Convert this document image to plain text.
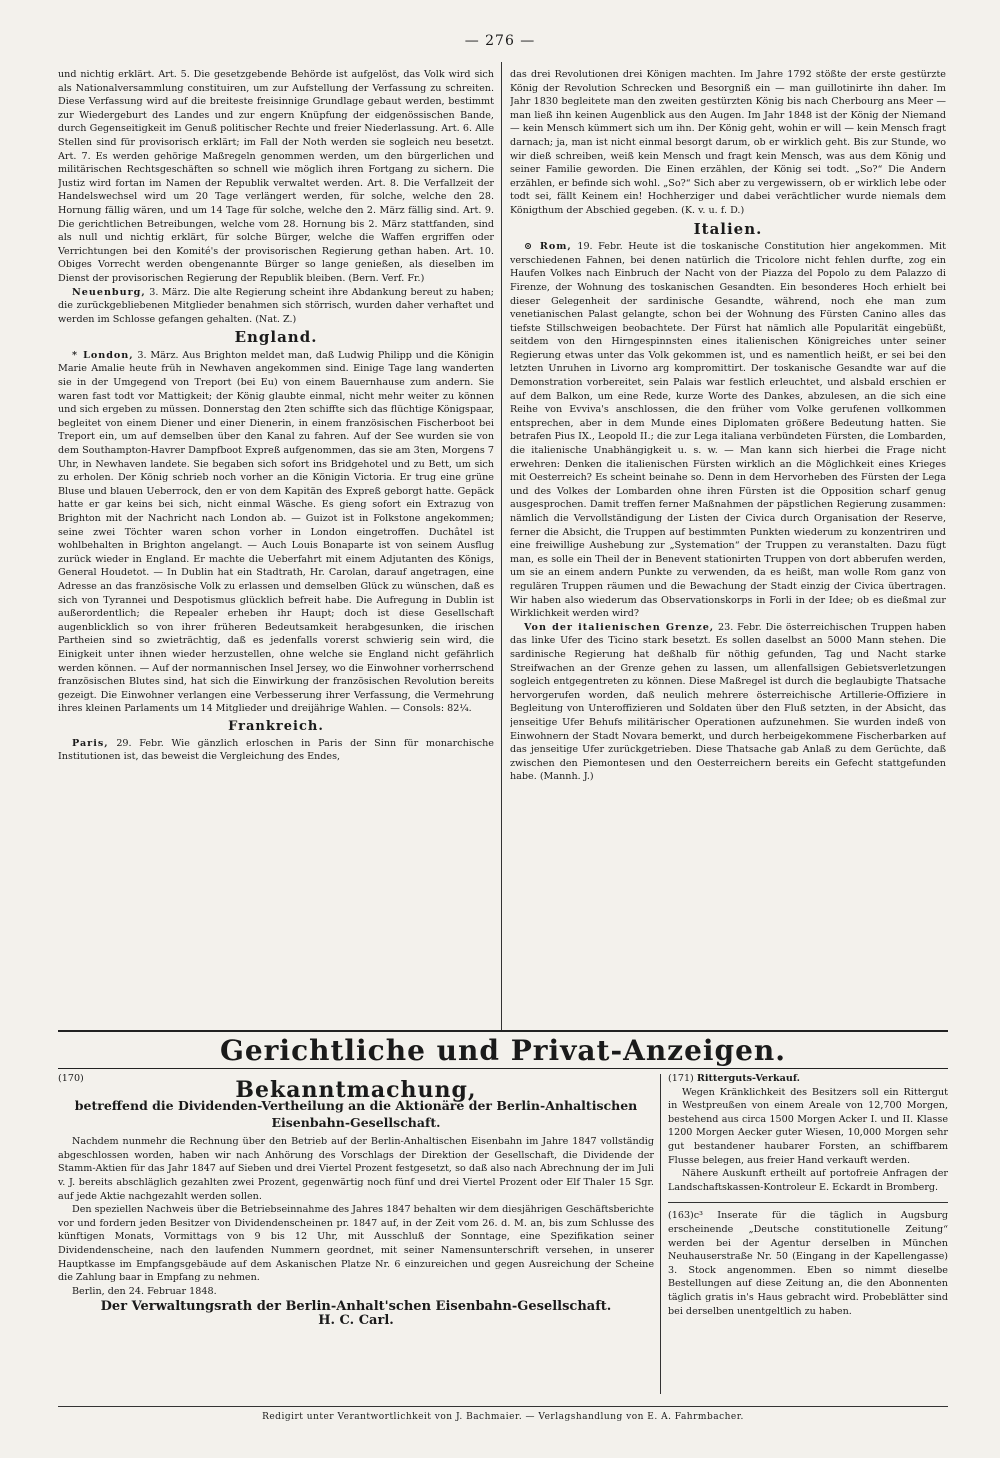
— 276 —

und nichtig erklärt. Art. 5. Die gesetzgebende Behörde ist aufgelöst, das Volk wird sich als Nationalversammlung constituiren, um zur Aufstellung der Verfassung zu schreiten. Diese Verfassung wird auf die breiteste freisinnige Grundlage gebaut werden, bestimmt zur Wiedergeburt des Landes und zur engern Knüpfung der eidgenössischen Bande, durch Gegenseitigkeit im Genuß politischer Rechte und freier Niederlassung. Art. 6. Alle Stellen sind für provisorisch erklärt; im Fall der Noth werden sie sogleich neu besetzt. Art. 7. Es werden gehörige Maßregeln genommen werden, um den bürgerlichen und militärischen Rechtsgeschäften so schnell wie möglich ihren Fortgang zu sichern. Die Justiz wird fortan im Namen der Republik verwaltet werden. Art. 8. Die Verfallzeit der Handelswechsel wird um 20 Tage verlängert werden, für solche, welche den 28. Hornung fällig wären, und um 14 Tage für solche, welche den 2. März fällig sind. Art. 9. Die gerichtlichen Betreibungen, welche vom 28. Hornung bis 2. März stattfanden, sind als null und nichtig erklärt, für solche Bürger, welche die Waffen ergriffen oder Verrichtungen bei den Komité's der provisorischen Regierung gethan haben. Art. 10. Obiges Vorrecht werden obengenannte Bürger so lange genießen, als dieselben im Dienst der provisorischen Regierung der Republik bleiben. (Bern. Verf. Fr.)

Neuenburg, 3. März. Die alte Regierung scheint ihre Abdankung bereut zu haben; die zurückgebliebenen Mitglieder benahmen sich störrisch, wurden daher verhaftet und werden im Schlosse gefangen gehalten. (Nat. Z.)

England.

* London, 3. März. Aus Brighton meldet man, daß Ludwig Philipp und die Königin Marie Amalie heute früh in Newhaven angekommen sind. Einige Tage lang wanderten sie in der Umgegend von Treport (bei Eu) von einem Bauernhause zum andern. Sie waren fast todt vor Mattigkeit; der König glaubte einmal, nicht mehr weiter zu können und sich ergeben zu müssen. Donnerstag den 2ten schiffte sich das flüchtige Königspaar, begleitet von einem Diener und einer Dienerin, in einem französischen Fischerboot bei Treport ein, um auf demselben über den Kanal zu fahren. Auf der See wurden sie von dem Southampton-Havrer Dampfboot Expreß aufgenommen, das sie am 3ten, Morgens 7 Uhr, in Newhaven landete. Sie begaben sich sofort ins Bridgehotel und zu Bett, um sich zu erholen. Der König schrieb noch vorher an die Königin Victoria. Er trug eine grüne Bluse und blauen Ueberrock, den er von dem Kapitän des Expreß geborgt hatte. Gepäck hatte er gar keins bei sich, nicht einmal Wäsche. Es gieng sofort ein Extrazug von Brighton mit der Nachricht nach London ab. — Guizot ist in Folkstone angekommen; seine zwei Töchter waren schon vorher in London eingetroffen. Duchâtel ist wohlbehalten in Brighton angelangt. — Auch Louis Bonaparte ist von seinem Ausflug zurück wieder in England. Er machte die Ueberfahrt mit einem Adjutanten des Königs, General Houdetot. — In Dublin hat ein Stadtrath, Hr. Carolan, darauf angetragen, eine Adresse an das französische Volk zu erlassen und demselben Glück zu wünschen, daß es sich von Tyrannei und Despotismus glücklich befreit habe. Die Aufregung in Dublin ist außerordentlich; die Repealer erheben ihr Haupt; doch ist diese Gesellschaft augenblicklich so von ihrer früheren Bedeutsamkeit herabgesunken, die irischen Partheien sind so zwieträchtig, daß es jedenfalls vorerst schwierig sein wird, die Einigkeit unter ihnen wieder herzustellen, ohne welche sie England nicht gefährlich werden können. — Auf der normannischen Insel Jersey, wo die Einwohner vorherrschend französischen Blutes sind, hat sich die Einwirkung der französischen Revolution bereits gezeigt. Die Einwohner verlangen eine Verbesserung ihrer Verfassung, die Vermehrung ihres kleinen Parlaments um 14 Mitglieder und dreijährige Wahlen. — Consols: 82¼.

Frankreich.

Paris, 29. Febr. Wie gänzlich erloschen in Paris der Sinn für monarchische Institutionen ist, das beweist die Vergleichung des Endes,

das drei Revolutionen drei Königen machten. Im Jahre 1792 stößte der erste gestürzte König der Revolution Schrecken und Besorgniß ein — man guillotinirte ihn daher. Im Jahr 1830 begleitete man den zweiten gestürzten König bis nach Cherbourg ans Meer — man ließ ihn keinen Augenblick aus den Augen. Im Jahr 1848 ist der König der Niemand — kein Mensch kümmert sich um ihn. Der König geht, wohin er will — kein Mensch fragt darnach; ja, man ist nicht einmal besorgt darum, ob er wirklich geht. Bis zur Stunde, wo wir dieß schreiben, weiß kein Mensch und fragt kein Mensch, was aus dem König und seiner Familie geworden. Die Einen erzählen, der König sei todt. „So?“ Die Andern erzählen, er befinde sich wohl. „So?“ Sich aber zu vergewissern, ob er wirklich lebe oder todt sei, fällt Keinem ein! Hochherziger und dabei verächtlicher wurde niemals dem Königthum der Abschied gegeben. (K. v. u. f. D.)

Italien.

⊙ Rom, 19. Febr. Heute ist die toskanische Constitution hier angekommen. Mit verschiedenen Fahnen, bei denen natürlich die Tricolore nicht fehlen durfte, zog ein Haufen Volkes nach Einbruch der Nacht von der Piazza del Popolo zu dem Palazzo di Firenze, der Wohnung des toskanischen Gesandten. Ein besonderes Hoch erhielt bei dieser Gelegenheit der sardinische Gesandte, während, noch ehe man zum venetianischen Palast gelangte, schon bei der Wohnung des Fürsten Canino alles das tiefste Stillschweigen beobachtete. Der Fürst hat nämlich alle Popularität eingebüßt, seitdem von den Hirngespinnsten eines italienischen Königreiches unter seiner Regierung etwas unter das Volk gekommen ist, und es namentlich heißt, er sei bei den letzten Unruhen in Livorno arg kompromittirt. Der toskanische Gesandte war auf die Demonstration vorbereitet, sein Palais war festlich erleuchtet, und alsbald erschien er auf dem Balkon, um eine Rede, kurze Worte des Dankes, abzulesen, an die sich eine Reihe von Evviva's anschlossen, die den früher vom Volke gerufenen vollkommen entsprechen, aber in dem Munde eines Diplomaten größere Bedeutung hatten. Sie betrafen Pius IX., Leopold II.; die zur Lega italiana verbündeten Fürsten, die Lombarden, die italienische Unabhängigkeit u. s. w. — Man kann sich hierbei die Frage nicht erwehren: Denken die italienischen Fürsten wirklich an die Möglichkeit eines Krieges mit Oesterreich? Es scheint beinahe so. Denn in dem Hervorheben des Fürsten der Lega und des Volkes der Lombarden ohne ihren Fürsten ist die Opposition scharf genug ausgesprochen. Damit treffen ferner Maßnahmen der päpstlichen Regierung zusammen: nämlich die Vervollständigung der Listen der Civica durch Organisation der Reserve, ferner die Absicht, die Truppen auf bestimmten Punkten wiederum zu konzentriren und eine freiwillige Aushebung zur „Systemation“ der Truppen zu veranstalten. Dazu fügt man, es solle ein Theil der in Benevent stationirten Truppen von dort abberufen werden, um sie an einem andern Punkte zu verwenden, da es heißt, man wolle Rom ganz von regulären Truppen räumen und die Bewachung der Stadt einzig der Civica übertragen. Wir haben also wiederum das Observationskorps in Forli in der Idee; ob es dießmal zur Wirklichkeit werden wird?

Von der italienischen Grenze, 23. Febr. Die österreichischen Truppen haben das linke Ufer des Ticino stark besetzt. Es sollen daselbst an 5000 Mann stehen. Die sardinische Regierung hat deßhalb für nöthig gefunden, Tag und Nacht starke Streifwachen an der Grenze gehen zu lassen, um allenfallsigen Gebietsverletzungen sogleich entgegentreten zu können. Diese Maßregel ist durch die beglaubigte Thatsache hervorgerufen worden, daß neulich mehrere österreichische Artillerie-Offiziere in Begleitung von Unteroffizieren und Soldaten über den Fluß setzten, in der Absicht, das jenseitige Ufer Behufs militärischer Operationen aufzunehmen. Sie wurden indeß von Einwohnern der Stadt Novara bemerkt, und durch herbeigekommene Fischerbarken auf das jenseitige Ufer zurückgetrieben. Diese Thatsache gab Anlaß zu dem Gerüchte, daß zwischen den Piemontesen und den Oesterreichern bereits ein Gefecht stattgefunden habe. (Mannh. J.)

Gerichtliche und Privat-Anzeigen.
(170)	Bekanntmachung,
betreffend die Dividenden-Vertheilung an die Aktionäre der Berlin-Anhaltischen Eisenbahn-Gesellschaft.

Nachdem nunmehr die Rechnung über den Betrieb auf der Berlin-Anhaltischen Eisenbahn im Jahre 1847 vollständig abgeschlossen worden, haben wir nach Anhörung des Vorschlags der Direktion der Gesellschaft, die Dividende der Stamm-Aktien für das Jahr 1847 auf Sieben und drei Viertel Prozent festgesetzt, so daß also nach Abrechnung der im Juli v. J. bereits abschläglich gezahlten zwei Prozent, gegenwärtig noch fünf und drei Viertel Prozent oder Elf Thaler 15 Sgr. auf jede Aktie nachgezahlt werden sollen.

Den speziellen Nachweis über die Betriebseinnahme des Jahres 1847 behalten wir dem diesjährigen Geschäftsberichte vor und fordern jeden Besitzer von Dividendenscheinen pr. 1847 auf, in der Zeit vom 26. d. M. an, bis zum Schlusse des künftigen Monats, Vormittags von 9 bis 12 Uhr, mit Ausschluß der Sonntage, eine Spezifikation seiner Dividendenscheine, nach den laufenden Nummern geordnet, mit seiner Namensunterschrift versehen, in unserer Hauptkasse im Empfangsgebäude auf dem Askanischen Platze Nr. 6 einzureichen und gegen Ausreichung der Scheine die Zahlung baar in Empfang zu nehmen.

Berlin, den 24. Februar 1848.

Der Verwaltungsrath der Berlin-Anhalt'schen Eisenbahn-Gesellschaft.
H. C. Carl.
(171) Ritterguts-Verkauf.

Wegen Kränklichkeit des Besitzers soll ein Rittergut in Westpreußen von einem Areale von 12,700 Morgen, bestehend aus circa 1500 Morgen Acker I. und II. Klasse 1200 Morgen Aecker guter Wiesen, 10,000 Morgen sehr gut bestandener haubarer Forsten, an schiffbarem Flusse belegen, aus freier Hand verkauft werden.

Nähere Auskunft ertheilt auf portofreie Anfragen der Landschaftskassen-Kontroleur E. Eckardt in Bromberg.

(163)c³ Inserate für die täglich in Augsburg erscheinende „Deutsche constitutionelle Zeitung“ werden bei der Agentur derselben in München Neuhauserstraße Nr. 50 (Eingang in der Kapellengasse) 3. Stock angenommen. Eben so nimmt dieselbe Bestellungen auf diese Zeitung an, die den Abonnenten täglich gratis in's Haus gebracht wird. Probeblätter sind bei derselben unentgeltlich zu haben.

Redigirt unter Verantwortlichkeit von J. Bachmaier. — Verlagshandlung von E. A. Fahrmbacher.
